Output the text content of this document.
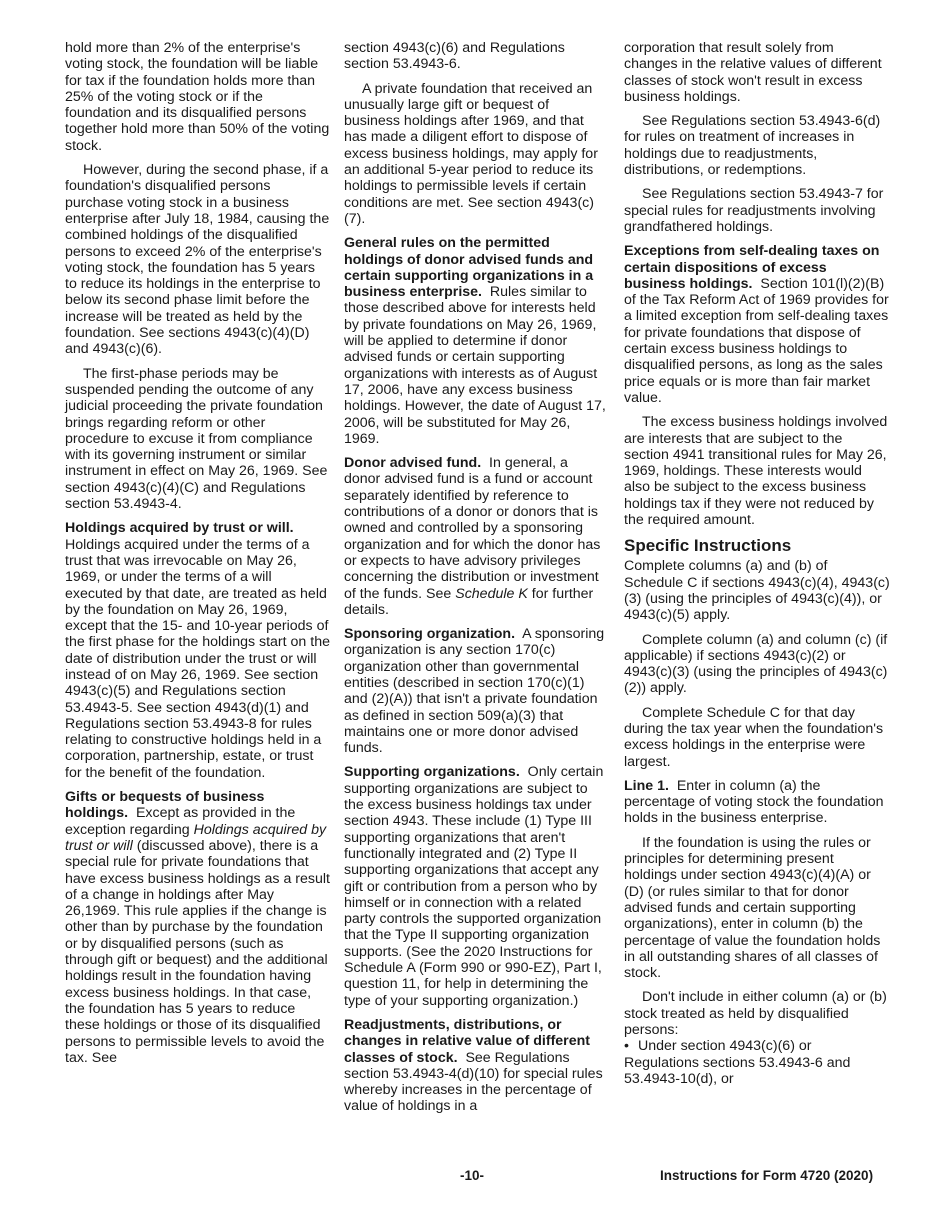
hold more than 2% of the enterprise's voting stock, the foundation will be liable for tax if the foundation holds more than 25% of the voting stock or if the foundation and its disqualified persons together hold more than 50% of the voting stock.

However, during the second phase, if a foundation's disqualified persons purchase voting stock in a business enterprise after July 18, 1984, causing the combined holdings of the disqualified persons to exceed 2% of the enterprise's voting stock, the foundation has 5 years to reduce its holdings in the enterprise to below its second phase limit before the increase will be treated as held by the foundation. See sections 4943(c)(4)(D) and 4943(c)(6).

The first-phase periods may be suspended pending the outcome of any judicial proceeding the private foundation brings regarding reform or other procedure to excuse it from compliance with its governing instrument or similar instrument in effect on May 26, 1969. See section 4943(c)(4)(C) and Regulations section 53.4943-4.

Holdings acquired by trust or will. Holdings acquired under the terms of a trust that was irrevocable on May 26, 1969, or under the terms of a will executed by that date, are treated as held by the foundation on May 26, 1969, except that the 15- and 10-year periods of the first phase for the holdings start on the date of distribution under the trust or will instead of on May 26, 1969. See section 4943(c)(5) and Regulations section 53.4943-5. See section 4943(d)(1) and Regulations section 53.4943-8 for rules relating to constructive holdings held in a corporation, partnership, estate, or trust for the benefit of the foundation.

Gifts or bequests of business holdings. Except as provided in the exception regarding Holdings acquired by trust or will (discussed above), there is a special rule for private foundations that have excess business holdings as a result of a change in holdings after May 26,1969. This rule applies if the change is other than by purchase by the foundation or by disqualified persons (such as through gift or bequest) and the additional holdings result in the foundation having excess business holdings. In that case, the foundation has 5 years to reduce these holdings or those of its disqualified persons to permissible levels to avoid the tax. See

section 4943(c)(6) and Regulations section 53.4943-6.

A private foundation that received an unusually large gift or bequest of business holdings after 1969, and that has made a diligent effort to dispose of excess business holdings, may apply for an additional 5-year period to reduce its holdings to permissible levels if certain conditions are met. See section 4943(c)(7).

General rules on the permitted holdings of donor advised funds and certain supporting organizations in a business enterprise. Rules similar to those described above for interests held by private foundations on May 26, 1969, will be applied to determine if donor advised funds or certain supporting organizations with interests as of August 17, 2006, have any excess business holdings. However, the date of August 17, 2006, will be substituted for May 26, 1969.

Donor advised fund. In general, a donor advised fund is a fund or account separately identified by reference to contributions of a donor or donors that is owned and controlled by a sponsoring organization and for which the donor has or expects to have advisory privileges concerning the distribution or investment of the funds. See Schedule K for further details.

Sponsoring organization. A sponsoring organization is any section 170(c) organization other than governmental entities (described in section 170(c)(1) and (2)(A)) that isn't a private foundation as defined in section 509(a)(3) that maintains one or more donor advised funds.

Supporting organizations. Only certain supporting organizations are subject to the excess business holdings tax under section 4943. These include (1) Type III supporting organizations that aren't functionally integrated and (2) Type II supporting organizations that accept any gift or contribution from a person who by himself or in connection with a related party controls the supported organization that the Type II supporting organization supports. (See the 2020 Instructions for Schedule A (Form 990 or 990-EZ), Part I, question 11, for help in determining the type of your supporting organization.)

Readjustments, distributions, or changes in relative value of different classes of stock. See Regulations section 53.4943-4(d)(10) for special rules whereby increases in the percentage of value of holdings in a

corporation that result solely from changes in the relative values of different classes of stock won't result in excess business holdings.

See Regulations section 53.4943-6(d) for rules on treatment of increases in holdings due to readjustments, distributions, or redemptions.

See Regulations section 53.4943-7 for special rules for readjustments involving grandfathered holdings.

Exceptions from self-dealing taxes on certain dispositions of excess business holdings. Section 101(l)(2)(B) of the Tax Reform Act of 1969 provides for a limited exception from self-dealing taxes for private foundations that dispose of certain excess business holdings to disqualified persons, as long as the sales price equals or is more than fair market value.

The excess business holdings involved are interests that are subject to the section 4941 transitional rules for May 26, 1969, holdings. These interests would also be subject to the excess business holdings tax if they were not reduced by the required amount.

Specific Instructions

Complete columns (a) and (b) of Schedule C if sections 4943(c)(4), 4943(c)(3) (using the principles of 4943(c)(4)), or 4943(c)(5) apply.

Complete column (a) and column (c) (if applicable) if sections 4943(c)(2) or 4943(c)(3) (using the principles of 4943(c)(2)) apply.

Complete Schedule C for that day during the tax year when the foundation's excess holdings in the enterprise were largest.

Line 1. Enter in column (a) the percentage of voting stock the foundation holds in the business enterprise.

If the foundation is using the rules or principles for determining present holdings under section 4943(c)(4)(A) or (D) (or rules similar to that for donor advised funds and certain supporting organizations), enter in column (b) the percentage of value the foundation holds in all outstanding shares of all classes of stock.

Don't include in either column (a) or (b) stock treated as held by disqualified persons:

• Under section 4943(c)(6) or Regulations sections 53.4943-6 and 53.4943-10(d), or

-10-	Instructions for Form 4720 (2020)
